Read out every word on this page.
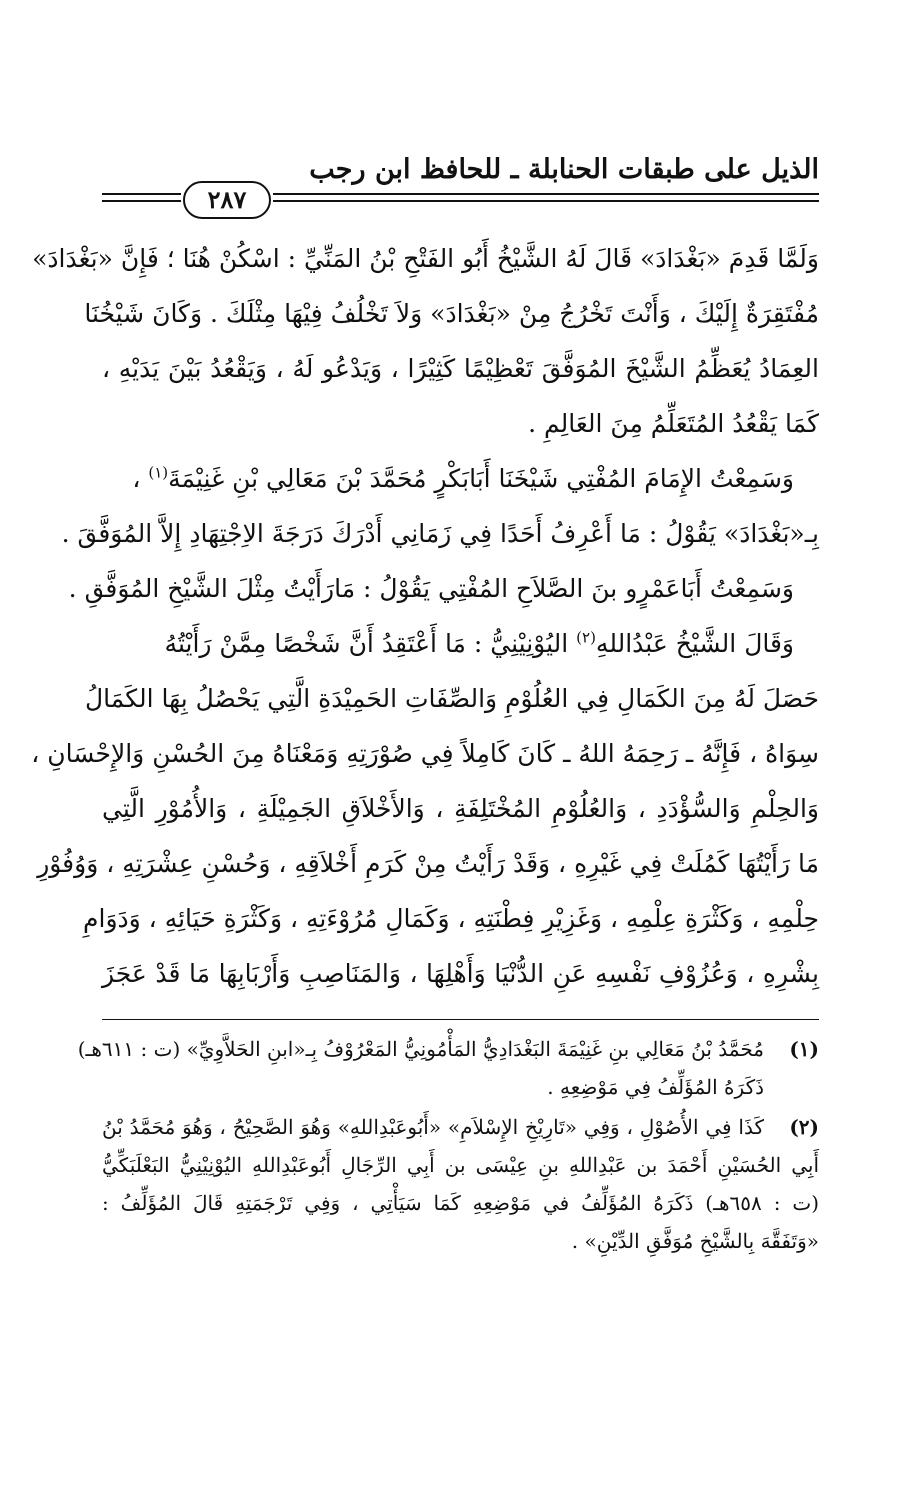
الذيل على طبقات الحنابلة ـ للحافظ ابن رجب
٢٨٧
وَلَمَّا قَدِمَ «بَغْدَادَ» قَالَ لَهُ الشَّيْخُ أَبُو الفَتْحِ بْنُ المَنِّيِّ : اسْكُنْ هُنَا ؛ فَإِنَّ «بَغْدَادَ»
مُفْتَقِرَةٌ إِلَيْكَ ، وَأَنْتَ تَخْرُجُ مِنْ «بَغْدَادَ» وَلاَ تَخْلُفُ فِيْهَا مِثْلَكَ . وَكَانَ شَيْخُنَا
العِمَادُ يُعَظِّمُ الشَّيْخَ المُوَفَّقَ تَعْظِيْمًا كَثِيْرًا ، وَيَدْعُو لَهُ ، وَيَقْعُدُ بَيْنَ يَدَيْهِ ،
كَمَا يَقْعُدُ المُتَعَلِّمُ مِنَ العَالِمِ .
 وَسَمِعْتُ الإِمَامَ المُفْتِي شَيْخَنَا أَبَابَكْرٍ مُحَمَّدَ بْنَ مَعَالِي بْنِ غَنِيْمَةَ$^{(١)}$ ،
بِـ«بَغْدَادَ» يَقُوْلُ : مَا أَعْرِفُ أَحَدًا فِي زَمَانِي أَدْرَكَ دَرَجَةَ الاِجْتِهَادِ إِلاَّ المُوَفَّقَ .
 وَسَمِعْتُ أَبَاعَمْرٍو بنَ الصَّلاَحِ المُفْتِي يَقُوْلُ : مَارَأَيْتُ مِثْلَ الشَّيْخِ المُوَفَّقِ .
 وَقَالَ الشَّيْخُ عَبْدُاللهِ$^{(٢)}$ اليُوْنِيْنِيُّ : مَا أَعْتَقِدُ أَنَّ شَخْصًا مِمَّنْ رَأَيْتُهُ
حَصَلَ لَهُ مِنَ الكَمَالِ فِي العُلُوْمِ وَالصِّفَاتِ الحَمِيْدَةِ الَّتِي يَحْصُلُ بِهَا الكَمَالُ
سِوَاهُ ، فَإِنَّهُ ـ رَحِمَهُ اللهُ ـ كَانَ كَامِلاً فِي صُوْرَتِهِ وَمَعْنَاهُ مِنَ الحُسْنِ وَالإِحْسَانِ ،
وَالحِلْمِ وَالسُّؤْدَدِ ، وَالعُلُوْمِ المُخْتَلِفَةِ ، وَالأَخْلاَقِ الجَمِيْلَةِ ، وَالأُمُوْرِ الَّتِي
مَا رَأَيْتُهَا كَمُلَتْ فِي غَيْرِهِ ، وَقَدْ رَأَيْتُ مِنْ كَرَمِ أَخْلاَقِهِ ، وَحُسْنِ عِشْرَتِهِ ، وَوُفُوْرِ
حِلْمِهِ ، وَكَثْرَةِ عِلْمِهِ ، وَغَزِيْرِ فِطْنَتِهِ ، وَكَمَالِ مُرُوْءَتِهِ ، وَكَثْرَةِ حَيَائِهِ ، وَدَوَامِ
بِشْرِهِ ، وَعُزُوْفِ نَفْسِهِ عَنِ الدُّنْيَا وَأَهْلِهَا ، وَالمَنَاصِبِ وَأَرْبَابِهَا مَا قَدْ عَجَزَ
(١)
مُحَمَّدُ بْنُ مَعَالِي بنِ غَنِيْمَةَ البَغْدَادِيُّ المَأْمُونِيُّ المَعْرُوْفُ بِـ«ابنِ الحَلاَّوِيِّ» (ت : ٦١١هـ)
ذَكَرَهُ المُؤَلِّفُ فِي مَوْضِعِهِ .
(٢)
كَذَا فِي الأُصُوْلِ ، وَفِي «تَارِيْخِ الإِسْلاَمِ» «أَبُوعَبْدِاللهِ» وَهُوَ الصَّحِيْحُ ، وَهُوَ مُحَمَّدُ بْنُ
أَبِي الحُسَيْنِ أَحْمَدَ بن عَبْدِاللهِ بنِ عِيْسَى بن أَبِي الرِّجَالِ أَبُوعَبْدِاللهِ اليُوْنِيْنِيُّ البَعْلَبَكِّيُّ
(ت : ٦٥٨هـ) ذَكَرَهُ المُؤَلِّفُ في مَوْضِعِهِ كَمَا سَيَأْتِي ، وَفِي تَرْجَمَتِهِ قَالَ المُؤَلِّفُ :
«وَتَفَقَّهَ بِالشَّيْخِ مُوَفَّقِ الدِّيْنِ» .
